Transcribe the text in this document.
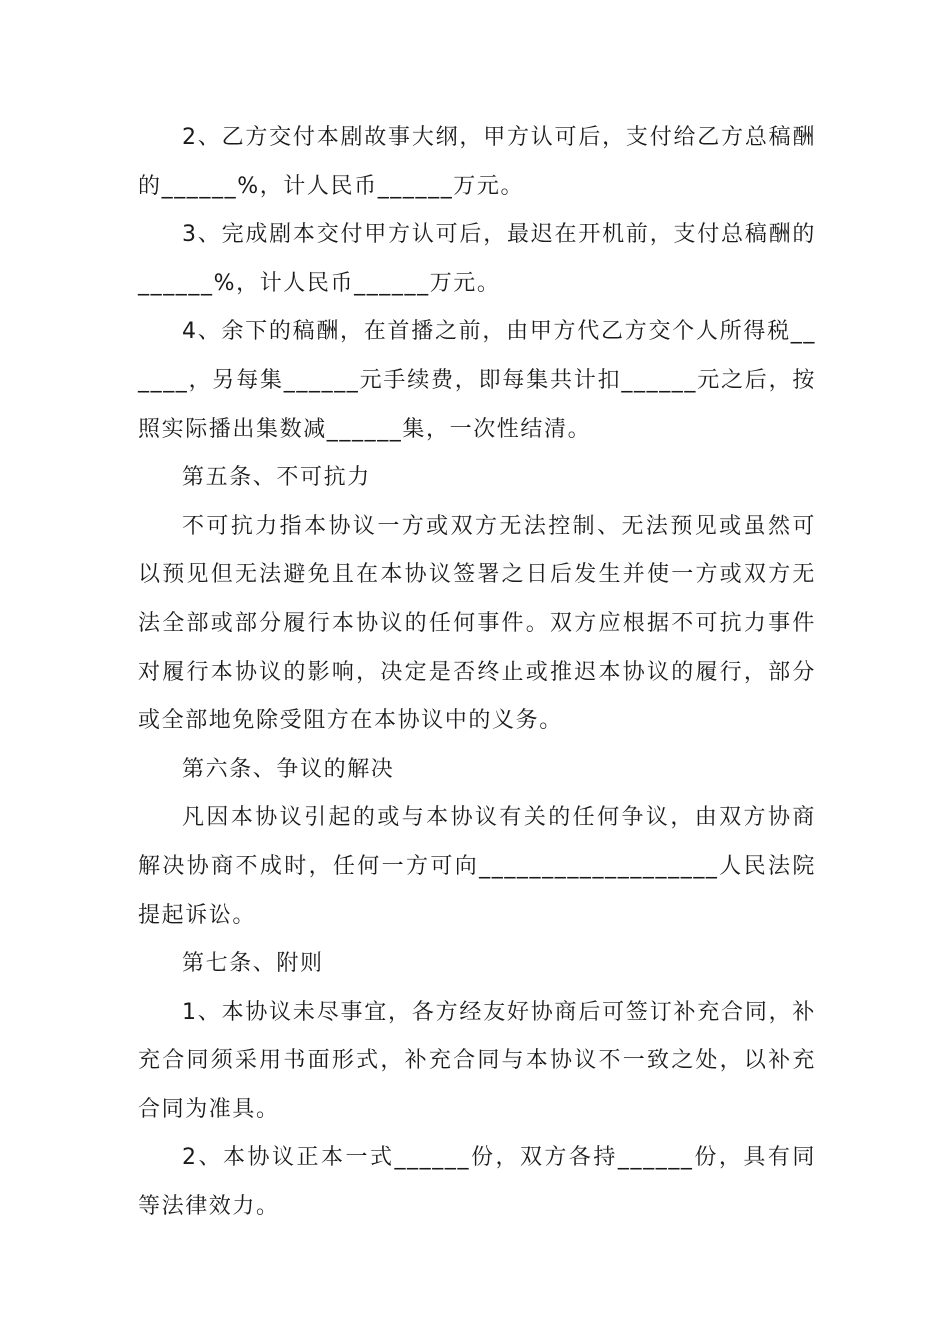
2、乙方交付本剧故事大纲，甲方认可后，支付给乙方总稿酬的______%，计人民币______万元。

3、完成剧本交付甲方认可后，最迟在开机前，支付总稿酬的______%，计人民币______万元。

4、余下的稿酬，在首播之前，由甲方代乙方交个人所得税______，另每集______元手续费，即每集共计扣______元之后，按照实际播出集数减______集，一次性结清。

第五条、不可抗力

不可抗力指本协议一方或双方无法控制、无法预见或虽然可以预见但无法避免且在本协议签署之日后发生并使一方或双方无法全部或部分履行本协议的任何事件。双方应根据不可抗力事件对履行本协议的影响，决定是否终止或推迟本协议的履行，部分或全部地免除受阻方在本协议中的义务。

第六条、争议的解决

凡因本协议引起的或与本协议有关的任何争议，由双方协商解决协商不成时，任何一方可向___________________人民法院提起诉讼。

第七条、附则

1、本协议未尽事宜，各方经友好协商后可签订补充合同，补充合同须采用书面形式，补充合同与本协议不一致之处，以补充合同为准具。

2、本协议正本一式______份，双方各持______份，具有同等法律效力。
